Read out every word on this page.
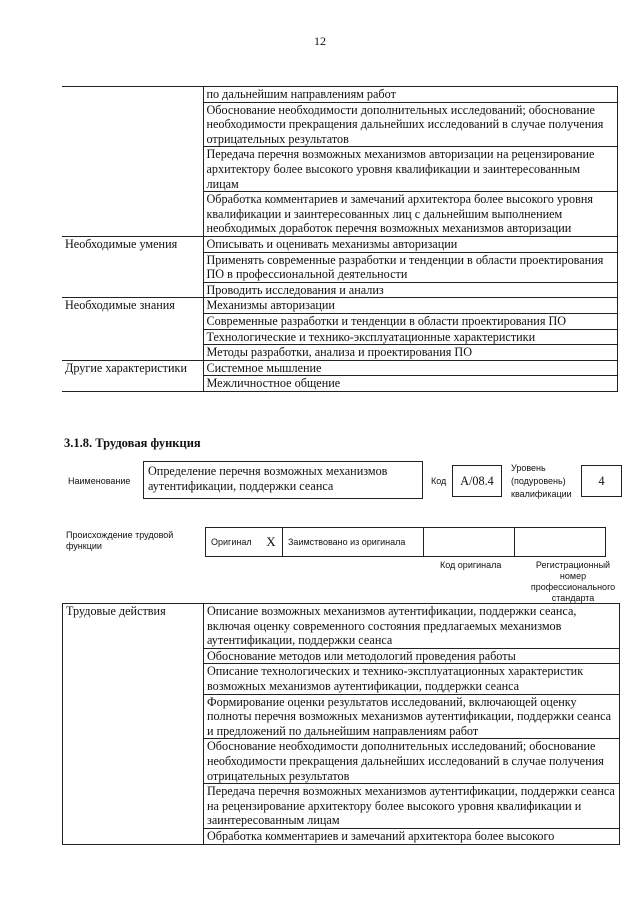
12
	по дальнейшим направлениям работ
	Обоснование необходимости дополнительных исследований; обоснование необходимости прекращения дальнейших исследований в случае получения отрицательных результатов
	Передача перечня возможных механизмов авторизации на рецензирование архитектору более высокого уровня квалификации и заинтересованным лицам
	Обработка комментариев и замечаний архитектора более высокого уровня квалификации и заинтересованных лиц с дальнейшим выполнением необходимых доработок перечня возможных механизмов авторизации
Необходимые умения	Описывать и оценивать механизмы авторизации
	Применять современные разработки и тенденции в области проектирования ПО в профессиональной деятельности
	Проводить исследования и анализ
Необходимые знания	Механизмы авторизации
	Современные разработки и тенденции в области проектирования ПО
	Технологические и технико-эксплуатационные характеристики
	Методы разработки, анализа и проектирования ПО
Другие характеристики	Системное мышление
	Межличностное общение
3.1.8. Трудовая функция
Наименование
Определение перечня возможных механизмов аутентификации, поддержки сеанса	Код	A/08.4
Уровень
(подуровень)
квалификации
4
Происхождение трудовой функции	Оригинал	X	Заимствовано из оригинала		
Код оригинала	Регистрационный номер профессионального стандарта
Трудовые действия	Описание возможных механизмов аутентификации, поддержки сеанса, включая оценку современного состояния предлагаемых механизмов аутентификации, поддержки сеанса
Обоснование методов или методологий проведения работы
Описание технологических и технико-эксплуатационных характеристик возможных механизмов аутентификации, поддержки сеанса
Формирование оценки результатов исследований, включающей оценку полноты перечня возможных механизмов аутентификации, поддержки сеанса и предложений по дальнейшим направлениям работ
Обоснование необходимости дополнительных исследований; обоснование необходимости прекращения дальнейших исследований в случае получения отрицательных результатов
Передача перечня возможных механизмов аутентификации, поддержки сеанса на рецензирование архитектору более высокого уровня квалификации и заинтересованным лицам
Обработка комментариев и замечаний архитектора более высокого
